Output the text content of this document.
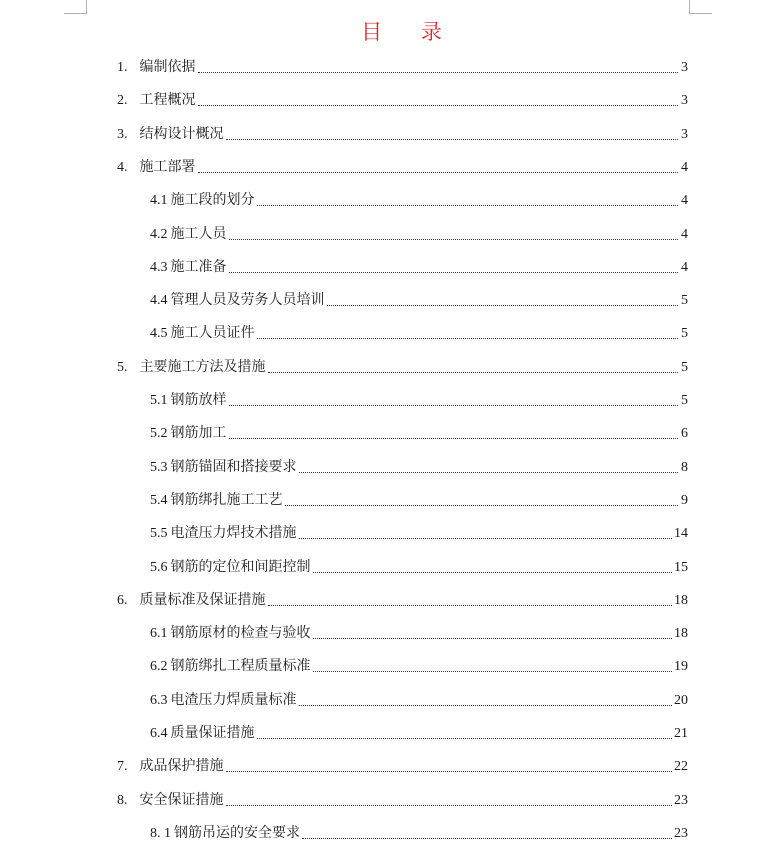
目 录
1. 编制依据	3
2. 工程概况	3
3. 结构设计概况	3
4. 施工部署	4
4.1 施工段的划分	4
4.2 施工人员	4
4.3 施工准备	4
4.4 管理人员及劳务人员培训	5
4.5 施工人员证件	5
5. 主要施工方法及措施	5
5.1 钢筋放样	5
5.2 钢筋加工	6
5.3 钢筋锚固和搭接要求	8
5.4 钢筋绑扎施工工艺	9
5.5 电渣压力焊技术措施	14
5.6 钢筋的定位和间距控制	15
6. 质量标准及保证措施	18
6.1 钢筋原材的检查与验收	18
6.2 钢筋绑扎工程质量标准	19
6.3 电渣压力焊质量标准	20
6.4 质量保证措施	21
7. 成品保护措施	22
8. 安全保证措施	23
8. 1 钢筋吊运的安全要求	23
